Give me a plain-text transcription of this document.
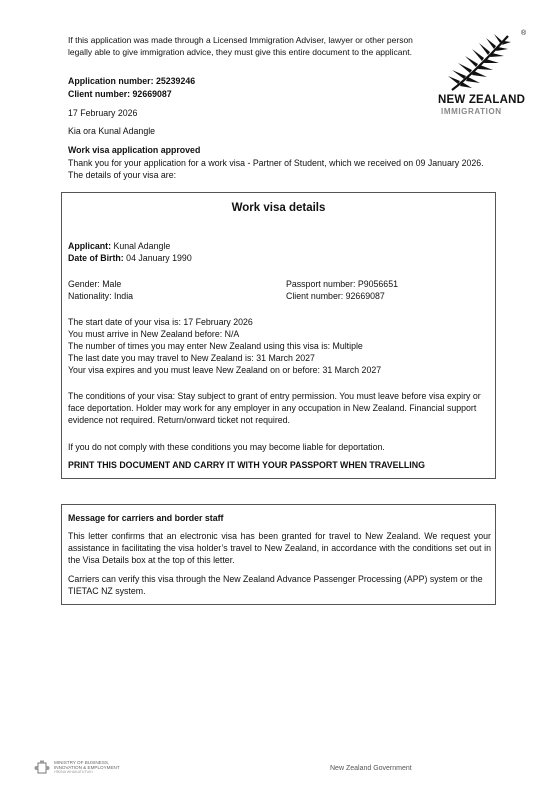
If this application was made through a Licensed Immigration Adviser, lawyer or other person legally able to give immigration advice, they must give this entire document to the applicant.
®
NEW ZEALAND
IMMIGRATION
Application number: 25239246
Client number: 92669087
17 February 2026
Kia ora Kunal Adangle
Work visa application approved
Thank you for your application for a work visa - Partner of Student, which we received on 09 January 2026. The details of your visa are:
Work visa details
Applicant: Kunal Adangle
Date of Birth: 04 January 1990
Gender: Male
Nationality: India
Passport number: P9056651
Client number: 92669087
The start date of your visa is: 17 February 2026
You must arrive in New Zealand before: N/A
The number of times you may enter New Zealand using this visa is: Multiple
The last date you may travel to New Zealand is: 31 March 2027
Your visa expires and you must leave New Zealand on or before: 31 March 2027
The conditions of your visa: Stay subject to grant of entry permission. You must leave before visa expiry or face deportation. Holder may work for any employer in any occupation in New Zealand. Financial support evidence not required. Return/onward ticket not required.
If you do not comply with these conditions you may become liable for deportation.
PRINT THIS DOCUMENT AND CARRY IT WITH YOUR PASSPORT WHEN TRAVELLING
Message for carriers and border staff
This letter confirms that an electronic visa has been granted for travel to New Zealand. We request your assistance in facilitating the visa holder’s travel to New Zealand, in accordance with the conditions set out in the Visa Details box at the top of this letter.
Carriers can verify this visa through the New Zealand Advance Passenger Processing (APP) system or the TIETAC NZ system.
MINISTRY OF BUSINESS,
INNOVATION & EMPLOYMENT
HĪKINA WHAKATUTUKI
New Zealand Government
